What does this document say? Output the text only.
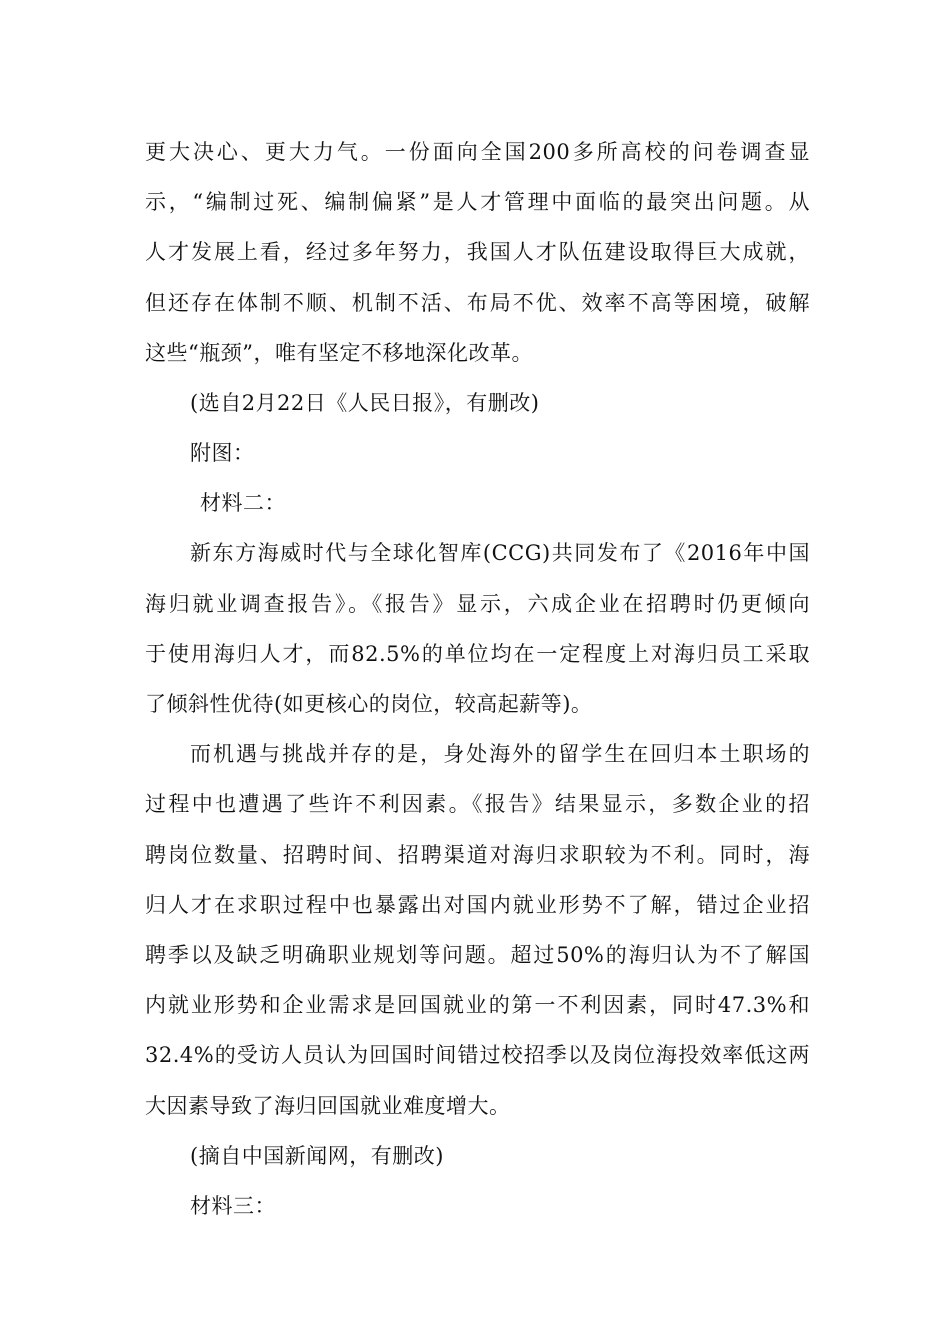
更大决心、更大力气。一份面向全国200多所高校的问卷调查显
示，“编制过死、编制偏紧”是人才管理中面临的最突出问题。从
人才发展上看，经过多年努力，我国人才队伍建设取得巨大成就，
但还存在体制不顺、机制不活、布局不优、效率不高等困境，破解
这些“瓶颈”，唯有坚定不移地深化改革。
(选自2月22日《人民日报》，有删改)
附图：
材料二：
新东方海威时代与全球化智库(CCG)共同发布了《2016年中国
海归就业调查报告》。《报告》显示，六成企业在招聘时仍更倾向
于使用海归人才，而82.5%的单位均在一定程度上对海归员工采取
了倾斜性优待(如更核心的岗位，较高起薪等)。
而机遇与挑战并存的是，身处海外的留学生在回归本土职场的
过程中也遭遇了些许不利因素。《报告》结果显示，多数企业的招
聘岗位数量、招聘时间、招聘渠道对海归求职较为不利。同时，海
归人才在求职过程中也暴露出对国内就业形势不了解，错过企业招
聘季以及缺乏明确职业规划等问题。超过50%的海归认为不了解国
内就业形势和企业需求是回国就业的第一不利因素，同时47.3%和
32.4%的受访人员认为回国时间错过校招季以及岗位海投效率低这两
大因素导致了海归回国就业难度增大。
(摘自中国新闻网，有删改)
材料三：
